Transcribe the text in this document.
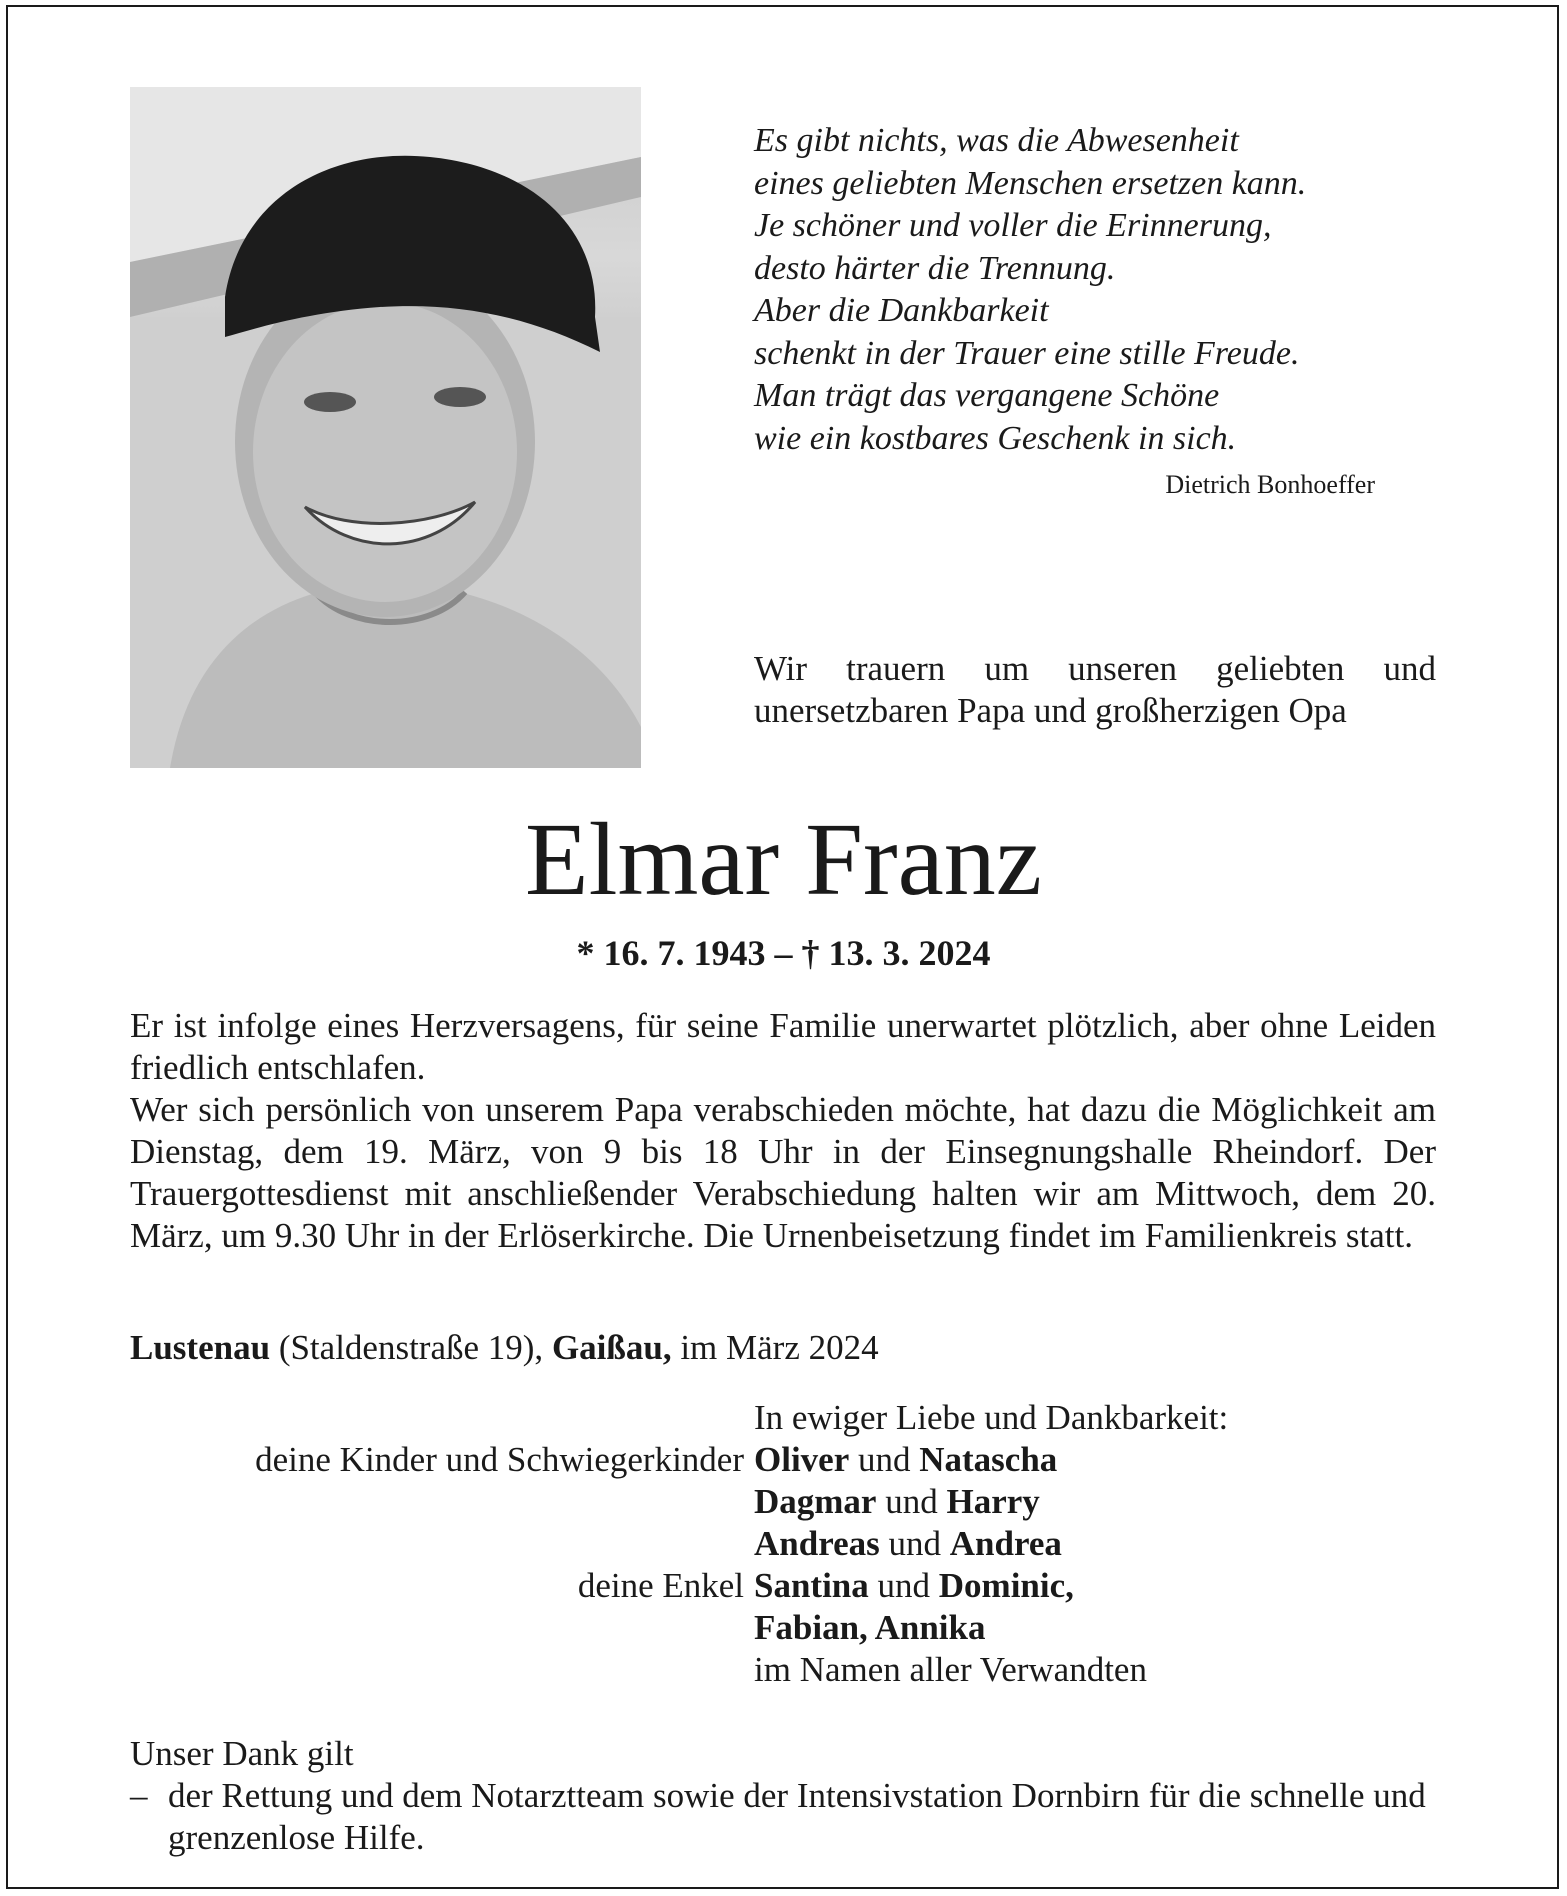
Es gibt nichts, was die Abwesenheit
eines geliebten Menschen ersetzen kann.
Je schöner und voller die Erinnerung,
desto härter die Trennung.
Aber die Dankbarkeit
schenkt in der Trauer eine stille Freude.
Man trägt das vergangene Schöne
wie ein kostbares Geschenk in sich.
Dietrich Bonhoeffer
Wir trauern um unseren geliebten und unersetzbaren Papa und großherzigen Opa
Elmar Franz
* 16. 7. 1943 – † 13. 3. 2024
Er ist infolge eines Herzversagens, für seine Familie unerwartet plötzlich, aber ohne Leiden friedlich entschlafen.
Wer sich persönlich von unserem Papa verabschieden möchte, hat dazu die Möglichkeit am Dienstag, dem 19. März, von 9 bis 18 Uhr in der Einsegnungshalle Rheindorf. Der Trauergottesdienst mit anschließender Verabschiedung halten wir am Mittwoch, dem 20. März, um 9.30 Uhr in der Erlöserkirche. Die Urnenbeisetzung findet im Familienkreis statt.
Lustenau (Staldenstraße 19), Gaißau, im März 2024
In ewiger Liebe und Dankbarkeit:
deine Kinder und Schwiegerkinder Oliver und Natascha
Dagmar und Harry
Andreas und Andrea
deine Enkel Santina und Dominic,
Fabian, Annika
im Namen aller Verwandten
Unser Dank gilt
– der Rettung und dem Notarztteam sowie der Intensivstation Dornbirn für die schnelle und grenzenlose Hilfe.
